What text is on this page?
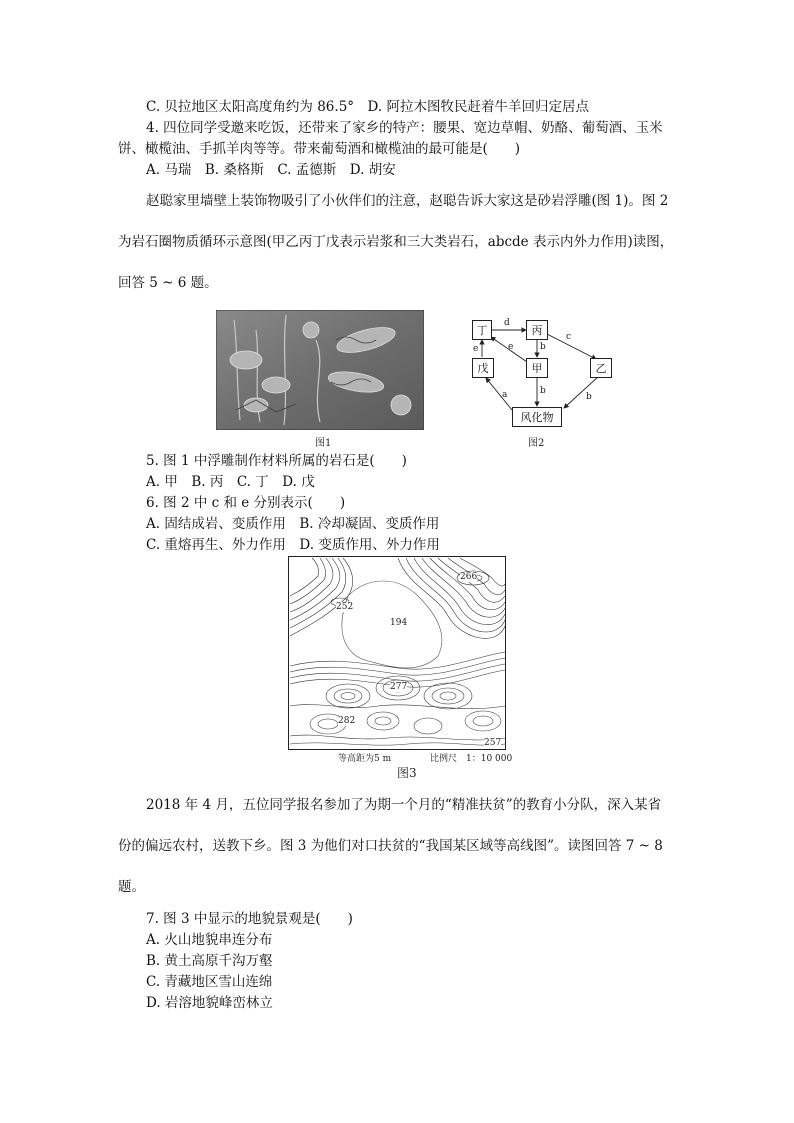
C. 贝拉地区太阳高度角约为 86.5°　D. 阿拉木图牧民赶着牛羊回归定居点
4. 四位同学受邀来吃饭，还带来了家乡的特产：腰果、宽边草帽、奶酪、葡萄酒、玉米
饼、橄榄油、手抓羊肉等等。带来葡萄酒和橄榄油的最可能是(　　)
A. 马瑞　B. 桑格斯　C. 孟德斯　D. 胡安
赵聪家里墙壁上装饰物吸引了小伙伴们的注意，赵聪告诉大家这是砂岩浮雕(图 1)。图 2
为岩石圈物质循环示意图(甲乙丙丁戊表示岩浆和三大类岩石，abcde 表示内外力作用)读图，
回答 5 ~ 6 题。
图1
丁	丙
戊	甲	乙
风化物
d
c
e	b
e
a	b
b
图2
5. 图 1 中浮雕制作材料所属的岩石是(　　)
A. 甲　B. 丙　C. 丁　D. 戊
6. 图 2 中 c 和 e 分别表示(　　)
A. 固结成岩、变质作用　B. 冷却凝固、变质作用
C. 重熔再生、外力作用　D. 变质作用、外力作用
266
252
194
277
282
257
等高距为5 m	比例尺　1：10 000
图3
2018 年 4 月，五位同学报名参加了为期一个月的“精准扶贫”的教育小分队，深入某省
份的偏远农村，送教下乡。图 3 为他们对口扶贫的“我国某区域等高线图”。读图回答 7 ~ 8
题。
7. 图 3 中显示的地貌景观是(　　)
A. 火山地貌串连分布
B. 黄土高原千沟万壑
C. 青藏地区雪山连绵
D. 岩溶地貌峰峦林立
